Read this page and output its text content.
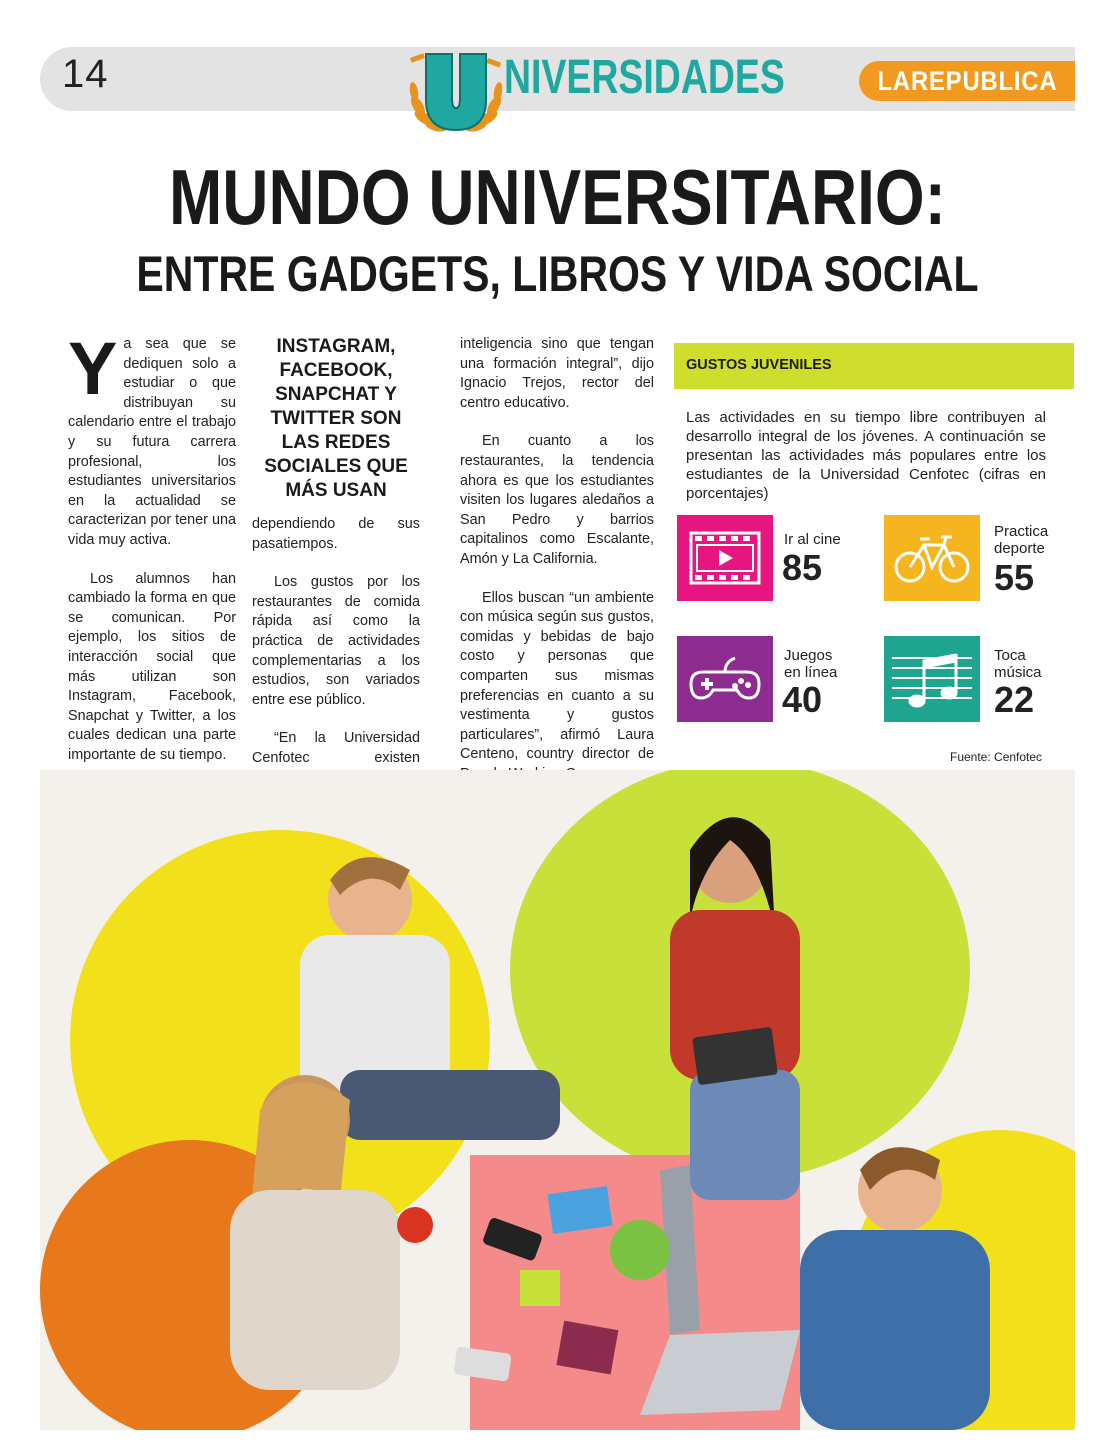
14	NIVERSIDADES	LAREPUBLICA
MUNDO UNIVERSITARIO:
ENTRE GADGETS, LIBROS Y VIDA SOCIAL

Ya sea que se dediquen solo a estudiar o que distribuyan su calendario entre el trabajo y su futura carrera profesional, los estudiantes universitarios en la actualidad se caracterizan por tener una vida muy activa.

Los alumnos han cambiado la forma en que se comunican. Por ejemplo, los sitios de interacción social que más utilizan son Instagram, Facebook, Snapchat y Twitter, a los cuales dedican una parte importante de su tiempo.

INSTAGRAM, FACEBOOK, SNAPCHAT Y TWITTER SON LAS REDES SOCIALES QUE MÁS USAN

dependiendo de sus pasatiempos.

Los gustos por los restaurantes de comida rápida así como la práctica de actividades complementarias a los estudios, son variados entre ese público.

“En la Universidad Cenfotec existen

inteligencia sino que tengan una formación integral”, dijo Ignacio Trejos, rector del centro educativo.

En cuanto a los restaurantes, la tendencia ahora es que los estudiantes visiten los lugares aledaños a San Pedro y barrios capitalinos como Escalante, Amón y La California.

Ellos buscan “un ambiente con música según sus gustos, comidas y bebidas de bajo costo y personas que comparten sus mismas preferencias en cuanto a su vestimenta y gustos particulares”, afirmó Laura Centeno, country director de

GUSTOS JUVENILES
Las actividades en su tiempo libre contribuyen al desarrollo integral de los jóvenes. A continuación se presentan las actividades más populares entre los estudiantes de la Universidad Cenfotec (cifras en porcentajes)
Ir al cine
85
Practica deporte
55
Juegos en línea
40
Toca música
22
Fuente: Cenfotec
